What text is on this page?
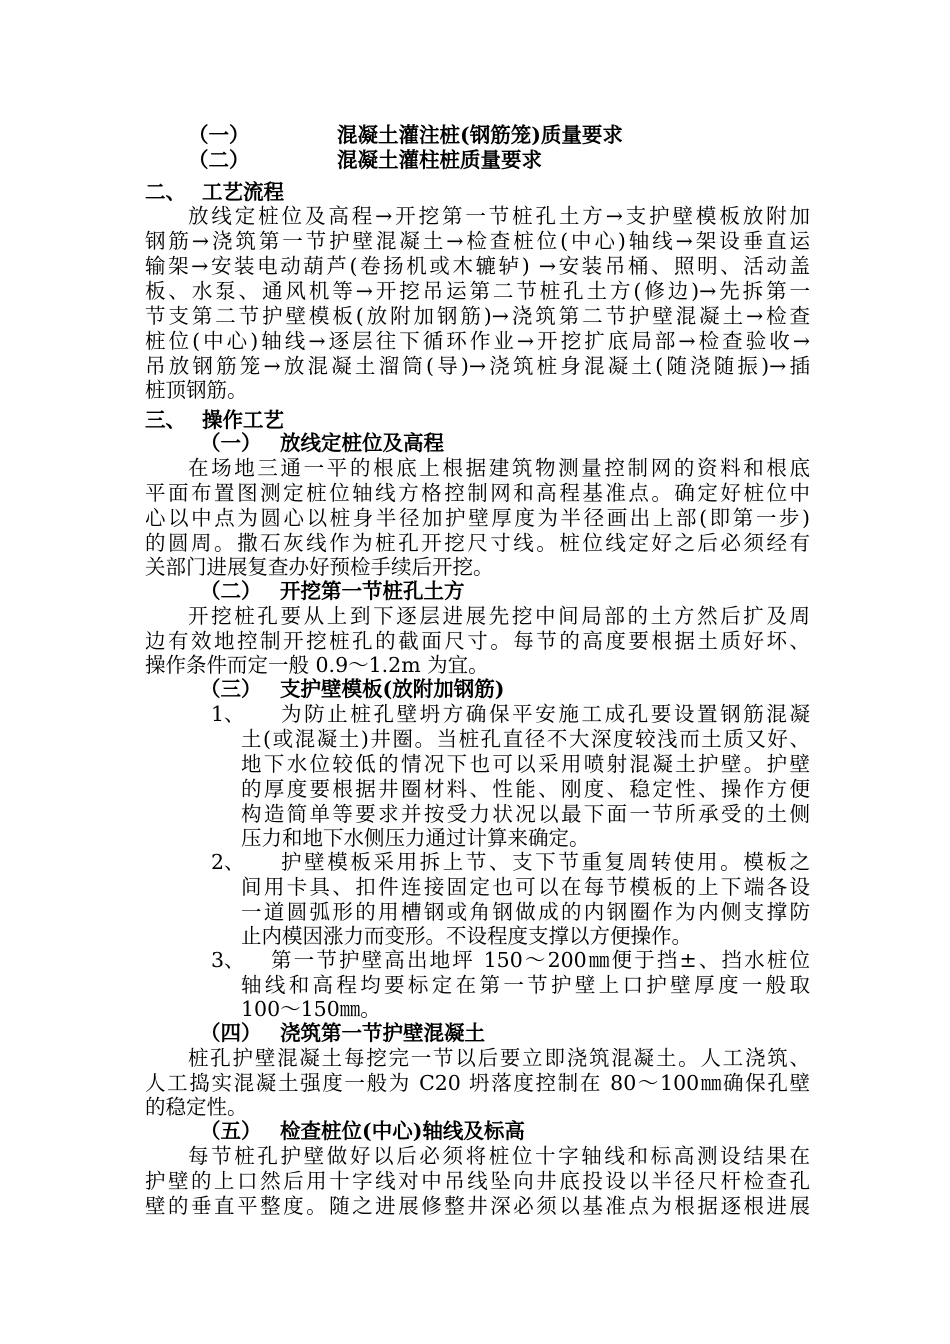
（一）	混凝土灌注桩(钢筋笼)质量要求
（二）	混凝土灌柱桩质量要求
二、 工艺流程
放线定桩位及高程→开挖第一节桩孔土方→支护壁模板放附加
钢筋→浇筑第一节护壁混凝土→检查桩位(中心)轴线→架设垂直运
输架→安装电动葫芦(卷扬机或木辘轳) →安装吊桶、照明、活动盖
板、水泵、通风机等→开挖吊运第二节桩孔土方(修边)→先拆第一
节支第二节护壁模板(放附加钢筋)→浇筑第二节护壁混凝土→检查
桩位(中心)轴线→逐层往下循环作业→开挖扩底局部→检查验收→
吊放钢筋笼→放混凝土溜筒(导)→浇筑桩身混凝土(随浇随振)→插
桩顶钢筋。
三、 操作工艺
（一） 放线定桩位及高程
在场地三通一平的根底上根据建筑物测量控制网的资料和根底
平面布置图测定桩位轴线方格控制网和高程基准点。确定好桩位中
心以中点为圆心以桩身半径加护壁厚度为半径画出上部(即第一步)
的圆周。撒石灰线作为桩孔开挖尺寸线。桩位线定好之后必须经有
关部门进展复查办好预检手续后开挖。
（二） 开挖第一节桩孔土方
开挖桩孔要从上到下逐层进展先挖中间局部的土方然后扩及周
边有效地控制开挖桩孔的截面尺寸。每节的高度要根据土质好坏、
操作条件而定一般 0.9～1.2m 为宜。
（三） 支护壁模板(放附加钢筋)
1、	为防止桩孔壁坍方确保平安施工成孔要设置钢筋混凝
土(或混凝土)井圈。当桩孔直径不大深度较浅而土质又好、
地下水位较低的情况下也可以采用喷射混凝土护壁。护壁
的厚度要根据井圈材料、性能、刚度、稳定性、操作方便
构造简单等要求并按受力状况以最下面一节所承受的土侧
压力和地下水侧压力通过计算来确定。
2、	护壁模板采用拆上节、支下节重复周转使用。模板之
间用卡具、扣件连接固定也可以在每节模板的上下端各设
一道圆弧形的用槽钢或角钢做成的内钢圈作为内侧支撑防
止内模因涨力而变形。不设程度支撑以方便操作。
3、	第一节护壁高出地坪 150～200㎜便于挡±、挡水桩位
轴线和高程均要标定在第一节护壁上口护壁厚度一般取
100～150㎜。
（四） 浇筑第一节护壁混凝土
桩孔护壁混凝土每挖完一节以后要立即浇筑混凝土。人工浇筑、
人工捣实混凝土强度一般为 C20 坍落度控制在 80～100㎜确保孔壁
的稳定性。
（五） 检查桩位(中心)轴线及标高
每节桩孔护壁做好以后必须将桩位十字轴线和标高测设结果在
护壁的上口然后用十字线对中吊线坠向井底投设以半径尺杆检查孔
壁的垂直平整度。随之进展修整井深必须以基准点为根据逐根进展
